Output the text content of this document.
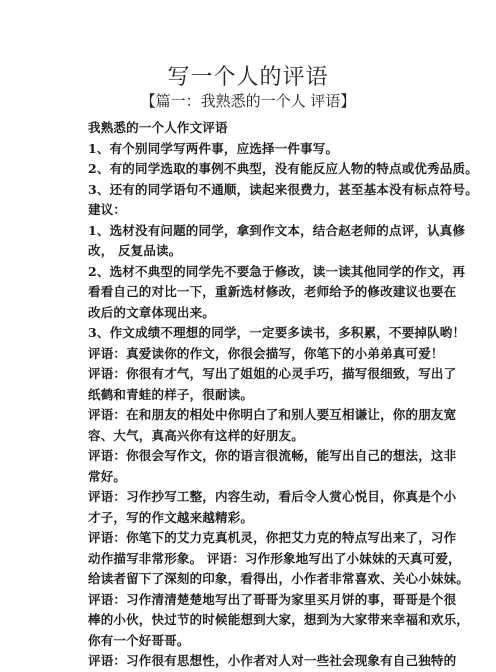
写一个人的评语
【篇一：我熟悉的一个人 评语】
我熟悉的一个人作文评语
1、有个别同学写两件事，应选择一件事写。
2、有的同学选取的事例不典型，没有能反应人物的特点或优秀品质。
3、还有的同学语句不通顺，读起来很费力，甚至基本没有标点符号。
建议：
1、选材没有问题的同学，拿到作文本，结合赵老师的点评，认真修
改， 反复品读。
2、选材不典型的同学先不要急于修改，读一读其他同学的作文，再
看看自己的对比一下，重新选材修改，老师给予的修改建议也要在
改后的文章体现出来。
3、作文成绩不理想的同学，一定要多读书，多积累，不要掉队哟！
评语：真爱读你的作文，你很会描写，你笔下的小弟弟真可爱！
评语：你很有才气，写出了姐姐的心灵手巧，描写很细致，写出了
纸鹤和青蛙的样子，很耐读。
评语：在和朋友的相处中你明白了和别人要互相谦让，你的朋友宽
容、大气，真高兴你有这样的好朋友。
评语：你很会写作文，你的语言很流畅，能写出自己的想法，这非
常好。
评语：习作抄写工整，内容生动，看后令人赏心悦目，你真是个小
才子，写的作文越来越精彩。
评语：你笔下的艾力克真机灵，你把艾力克的特点写出来了，习作
动作描写非常形象。 评语：习作形象地写出了小妹妹的天真可爱，
给读者留下了深刻的印象，看得出，小作者非常喜欢、关心小妹妹。
评语：习作清清楚楚地写出了哥哥为家里买月饼的事，哥哥是个很
棒的小伙，快过节的时候能想到大家，想到为大家带来幸福和欢乐，
你有一个好哥哥。
评语：习作很有思想性，小作者对人对一些社会现象有自己独特的
